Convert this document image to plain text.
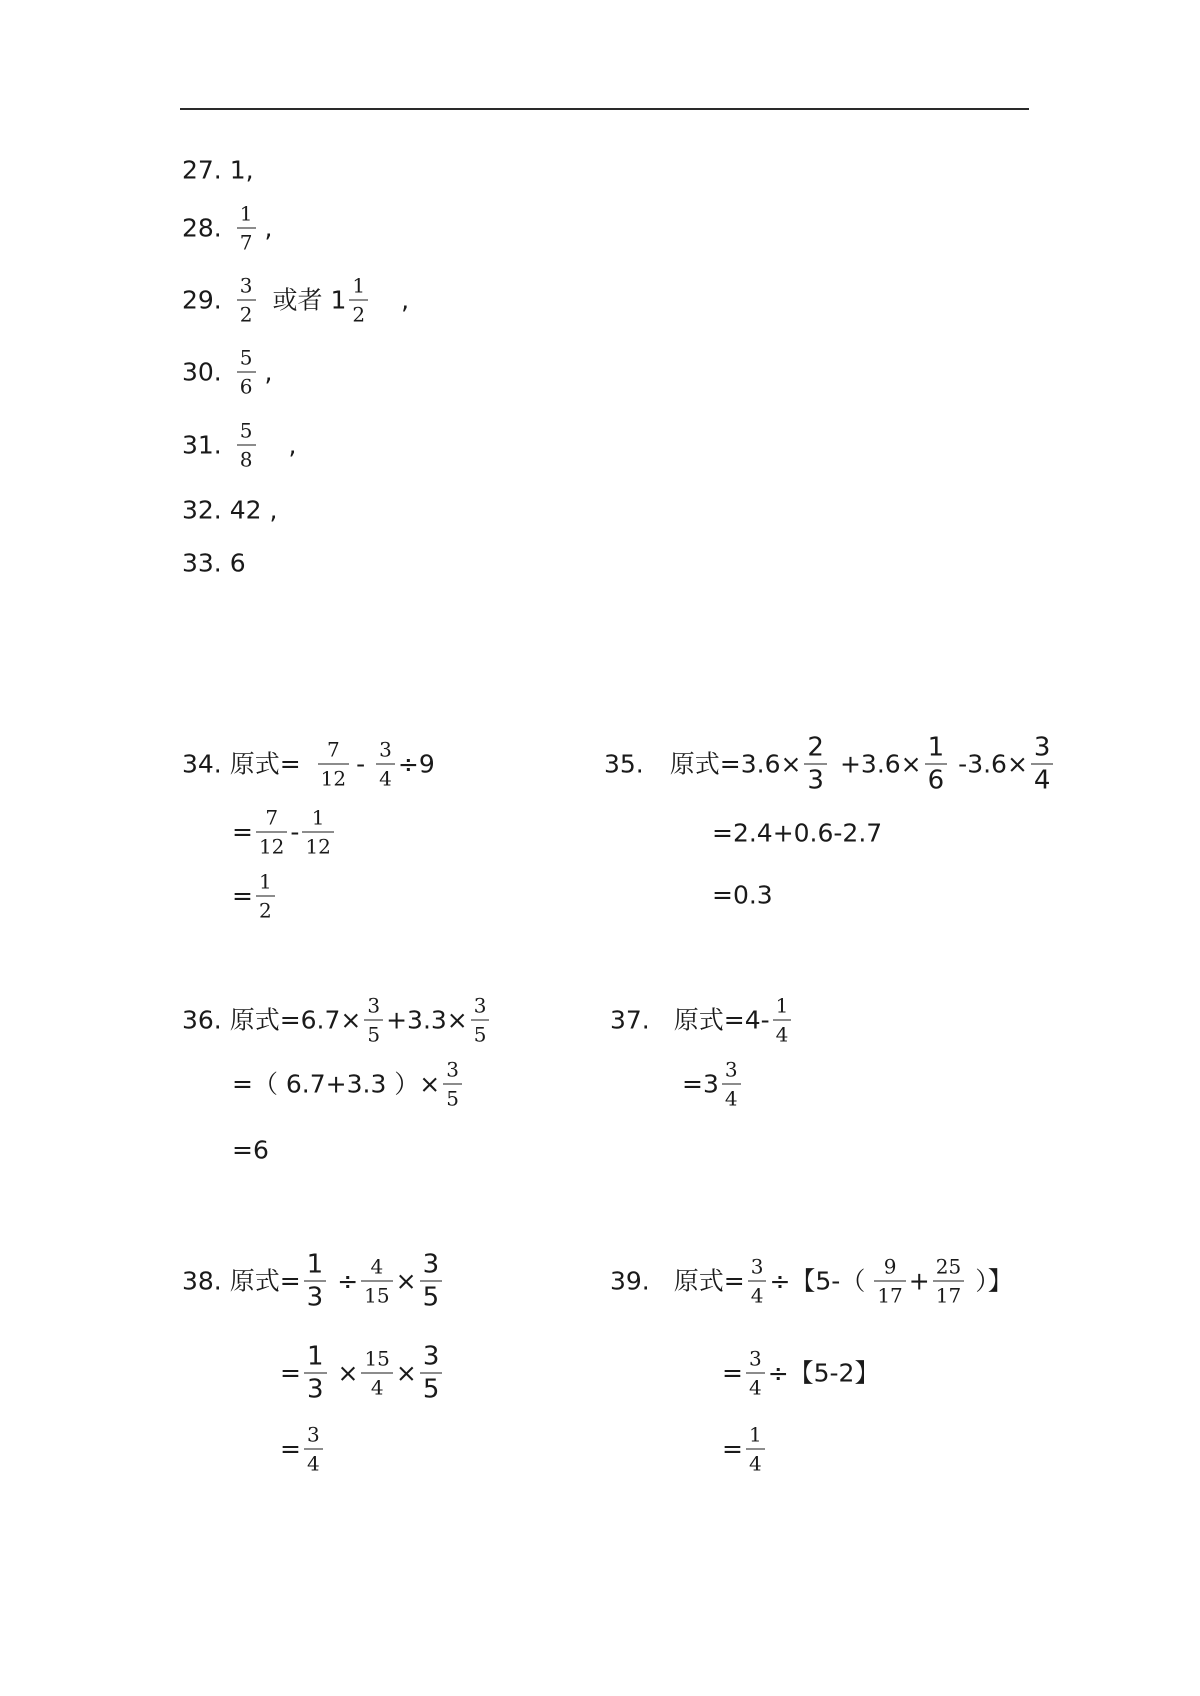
27. 1,
28. $\frac{1}{7}$ ,
29. $\frac{3}{2}$ 或者 $1 \frac{1}{2}$ ,
30. $\frac{5}{6}$ ,
31. $\frac{5}{8}$ ,
32. 42 ,
33. 6
34. 原式= $\frac{7}{12} - \frac{3}{4} \div 9$
= $\frac{7}{12} - \frac{1}{12}$
= $\frac{1}{2}$
35. 原式$=3.6\times \frac{2}{3} +3.6\times \frac{1}{6} -3.6\times \frac{3}{4}$
=2.4+0.6-2.7
=0.3
36. 原式$=6.7\times \frac{3}{5} +3.3\times \frac{3}{5}$
=（ 6.7+3.3 ）× $\frac{3}{5}$
=6
37. 原式$=4- \frac{1}{4}$
$=3 \frac{3}{4}$
38. 原式= $\frac{1}{3} \div \frac{4}{15} \times \frac{3}{5}$
= $\frac{1}{3} \times \frac{15}{4} \times \frac{3}{5}$
= $\frac{3}{4}$
39. 原式= $\frac{3}{4}$ ÷【$5-( \frac{9}{17} + \frac{25}{17}$ ）】
= $\frac{3}{4}$ ÷【5-2】
= $\frac{1}{4}$
